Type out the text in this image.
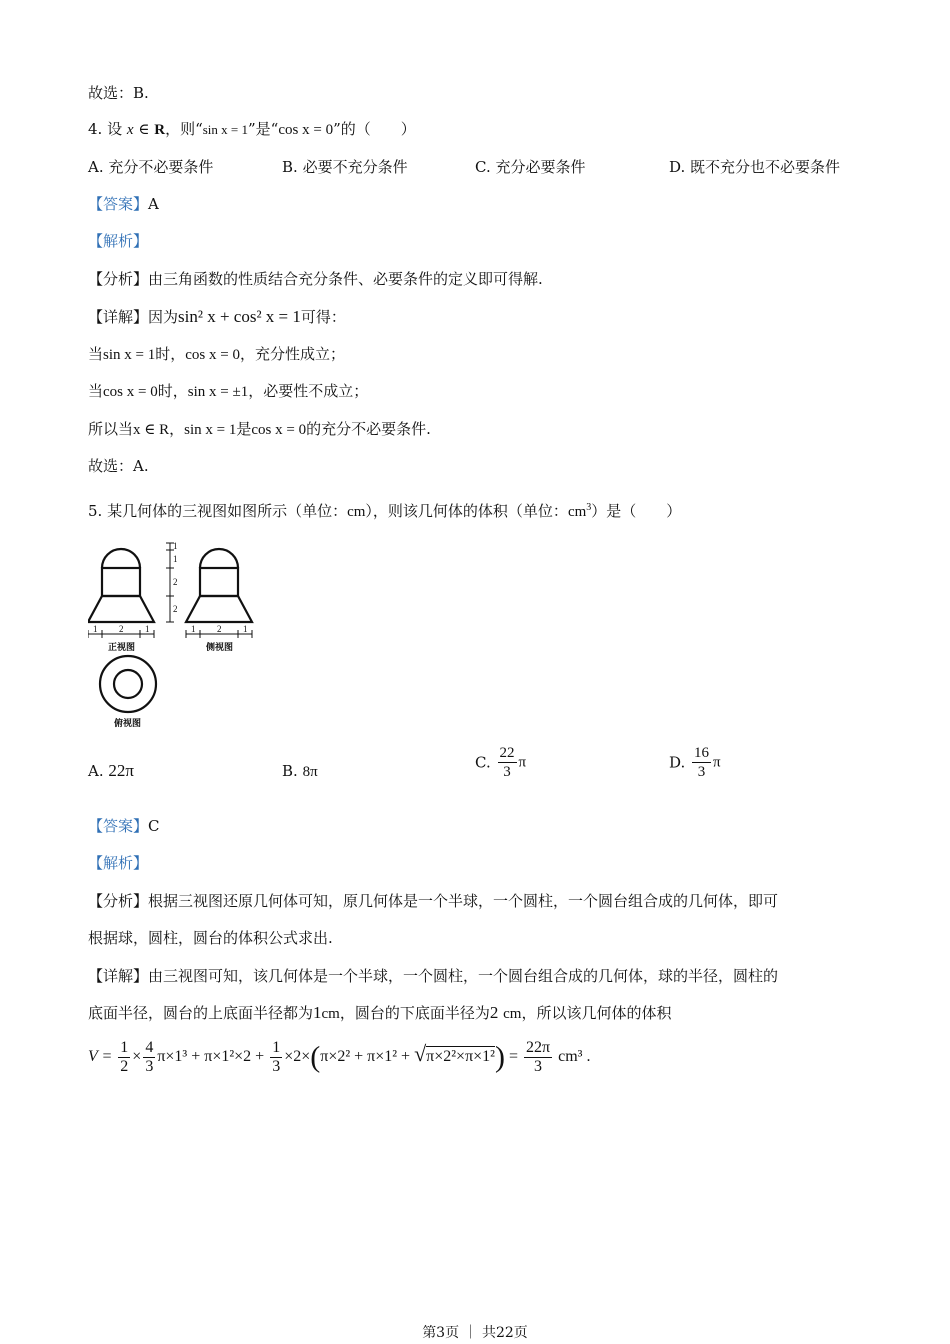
故选：B.
4. 设 x ∈ R，则“sin x = 1”是“cos x = 0”的（　　）
A. 充分不必要条件	B. 必要不充分条件	C. 充分必要条件	D. 既不充分也不必要条件
【答案】A
【解析】
【分析】由三角函数的性质结合充分条件、必要条件的定义即可得解.
【详解】因为sin² x + cos² x = 1可得：
当sin x = 1时，cos x = 0，充分性成立；
当cos x = 0时，sin x = ±1，必要性不成立；
所以当x ∈ R，sin x = 1是cos x = 0的充分不必要条件.
故选：A.
5. 某几何体的三视图如图所示（单位：cm），则该几何体的体积（单位：$cm^3$）是（　　）
1
1
2
2
1 2 1	1 2 1
正视图	侧视图
俯视图
A. 22π	B. 8π
C. $\frac{22}{3}$ π	D. $\frac{16}{3}$ π
【答案】C
【解析】
【分析】根据三视图还原几何体可知，原几何体是一个半球，一个圆柱，一个圆台组合成的几何体，即可
根据球，圆柱，圆台的体积公式求出.
【详解】由三视图可知，该几何体是一个半球，一个圆柱，一个圆台组合成的几何体，球的半径，圆柱的
底面半径，圆台的上底面半径都为1cm，圆台的下底面半径为2 cm，所以该几何体的体积
$V = \frac{1}{2} \times \frac{4}{3} \pi\times 1^3 + \pi\times 1^2\times 2 + \frac{1}{3} \times 2\times(\pi\times 2^2 + \pi\times 1^2 + √\pi\times 2^2\times\pi\times 1^2) = \frac{22\pi}{3} cm^3$ .
第3页 ｜ 共22页
